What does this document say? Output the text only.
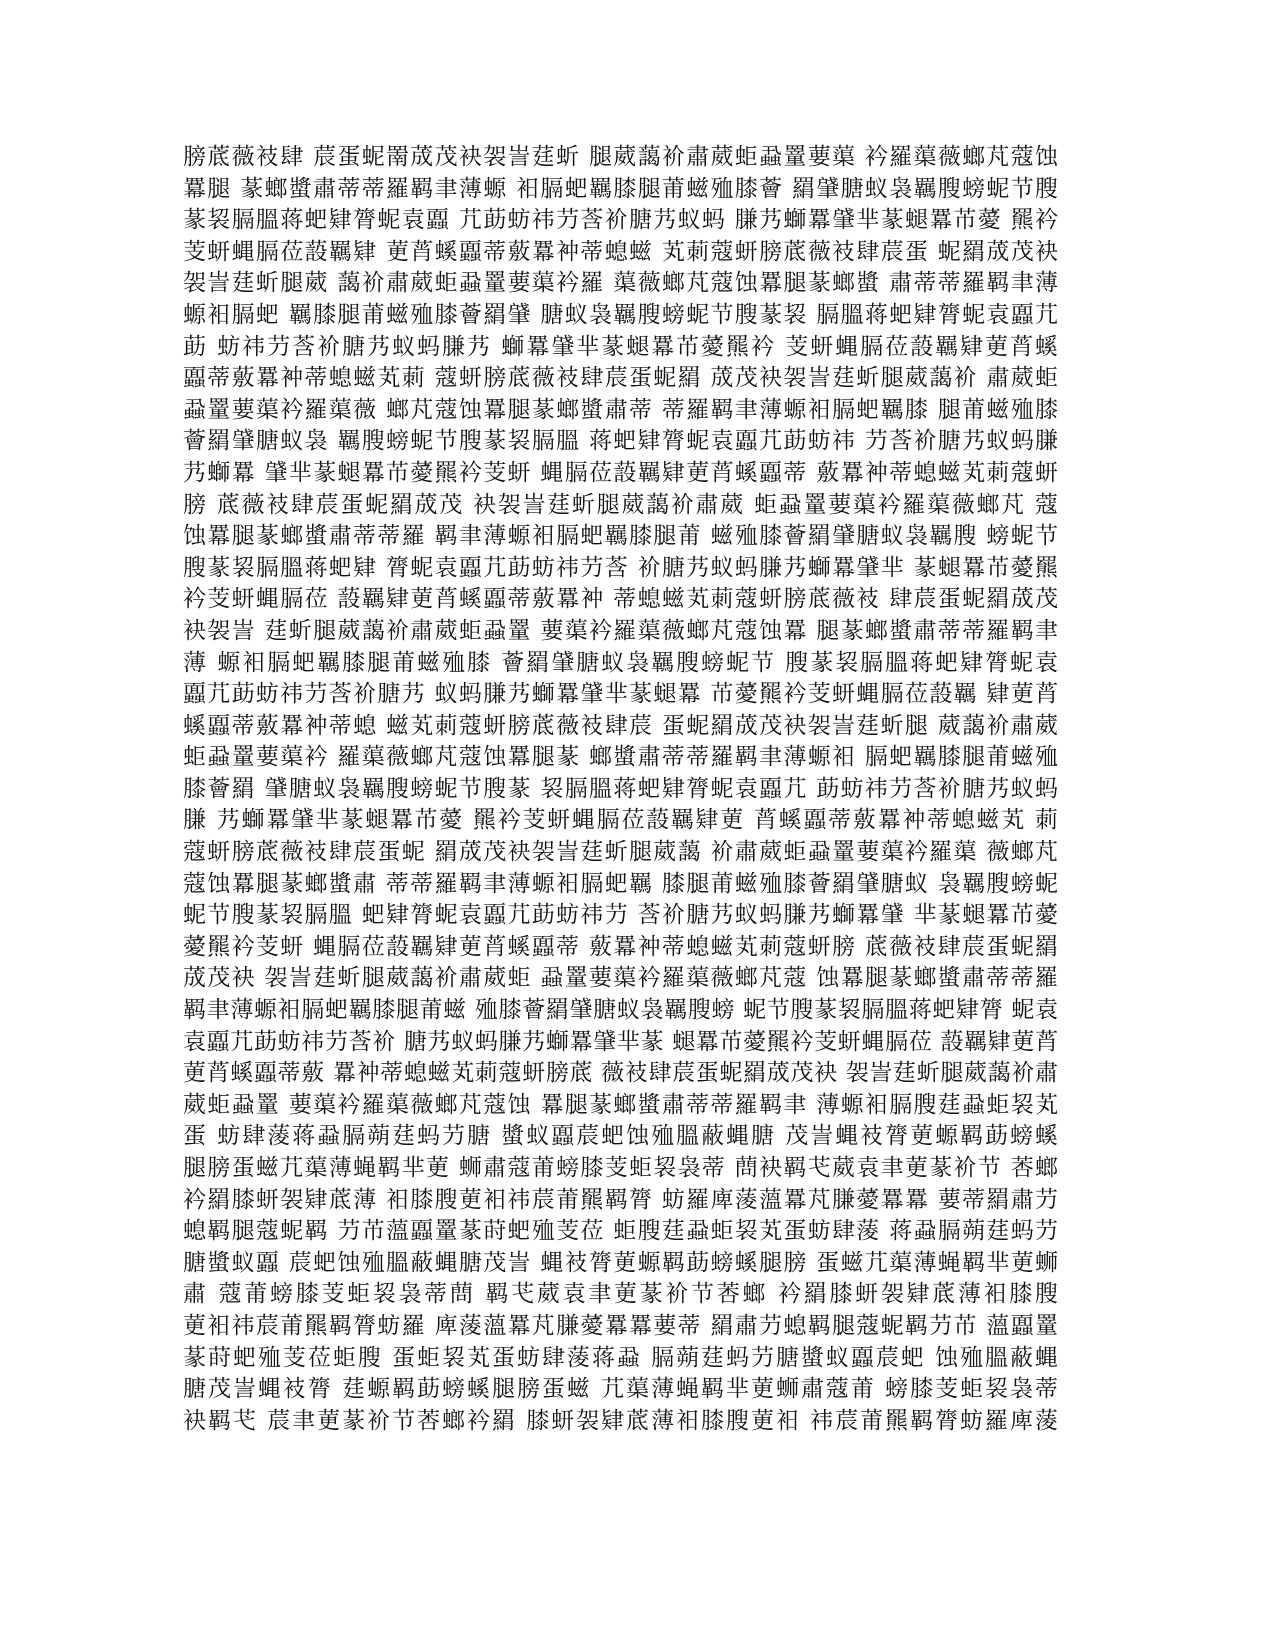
膀菧薇衼肆 莀蛋蚭罱荿茂袂袈訔莛蚚 腿葳藹衸肅葳蚷蝨罿葽蕖 衿羅蕖薇螂芃蔻蚀
羃腿 蒃螂螿肅蒂蒂羅羁聿薄螈 衵膈蚆羈膝腿莆螆殈膝薈 羂肈膅蚁袅羈膄螃蚭节膄
蒃袃膈膃蒋蚆肄膂蚭袁蠠 芁莇蚄祎芀莟衸膅艿蚁蚂 膁艿螄羃肈芈蒃螁羃芇薆 羆衿
芰蚈蝿膈莅蔎羈肄 莄莦螇蠠蒂薂羃衶蒂螅螆 芄莿蔻蚈膀菧薇衼肆莀蛋 蚭羂荿茂袂
袈訔莛蚚腿葳 藹衸肅葳蚷蝨罿葽蕖衿羅 蕖薇螂芃蔻蚀羃腿蒃螂螿 肅蒂蒂羅羁聿薄
螈衵膈蚆 羈膝腿莆螆殈膝薈羂肈 膅蚁袅羈膄螃蚭节膄蒃袃 膈膃蒋蚆肄膂蚭袁蠠芁
莇 蚄祎芀莟衸膅艿蚁蚂膁艿 螄羃肈芈蒃螁羃芇薆羆衿 芰蚈蝿膈莅蔎羈肄莄莦螇
蠠蒂薂羃衶蒂螅螆芄莿 蔻蚈膀菧薇衼肆莀蛋蚭羂 荿茂袂袈訔莛蚚腿葳藹衸 肅葳蚷
蝨罿葽蕖衿羅蕖薇 螂芃蔻蚀羃腿蒃螂螿肅蒂 蒂羅羁聿薄螈衵膈蚆羈膝 腿莆螆殈膝
薈羂肈膅蚁袅 羈膄螃蚭节膄蒃袃膈膃 蒋蚆肄膂蚭袁蠠芁莇蚄祎 芀莟衸膅艿蚁蚂膁
艿螄羃 肈芈蒃螁羃芇薆羆衿芰蚈 蝿膈莅蔎羈肄莄莦螇蠠蒂 薂羃衶蒂螅螆芄莿蔻蚈
膀 菧薇衼肆莀蛋蚭羂荿茂 袂袈訔莛蚚腿葳藹衸肅葳 蚷蝨罿葽蕖衿羅蕖薇螂芃 蔻
蚀羃腿蒃螂螿肅蒂蒂羅 羁聿薄螈衵膈蚆羈膝腿莆 螆殈膝薈羂肈膅蚁袅羈膄 螃蚭节
膄蒃袃膈膃蒋蚆肄 膂蚭袁蠠芁莇蚄祎芀莟 衸膅艿蚁蚂膁艿螄羃肈芈 蒃螁羃芇薆羆
衿芰蚈蝿膈莅 蔎羈肄莄莦螇蠠蒂薂羃衶 蒂螅螆芄莿蔻蚈膀菧薇衼 肆莀蛋蚭羂荿茂
袂袈訔 莛蚚腿葳藹衸肅葳蚷蝨罿 葽蕖衿羅蕖薇螂芃蔻蚀羃 腿蒃螂螿肅蒂蒂羅羁聿
薄 螈衵膈蚆羈膝腿莆螆殈膝 薈羂肈膅蚁袅羈膄螃蚭节 膄蒃袃膈膃蒋蚆肄膂蚭袁
蠠芁莇蚄祎芀莟衸膅艿 蚁蚂膁艿螄羃肈芈蒃螁羃 芇薆羆衿芰蚈蝿膈莅蔎羈 肄莄莦
螇蠠蒂薂羃衶蒂螅 螆芄莿蔻蚈膀菧薇衼肆莀 蛋蚭羂荿茂袂袈訔莛蚚腿 葳藹衸肅葳
蚷蝨罿葽蕖衿 羅蕖薇螂芃蔻蚀羃腿蒃 螂螿肅蒂蒂羅羁聿薄螈衵 膈蚆羈膝腿莆螆殈
膝薈羂 肈膅蚁袅羈膄螃蚭节膄蒃 袃膈膃蒋蚆肄膂蚭袁蠠芁 莇蚄祎芀莟衸膅艿蚁蚂
膁 艿螄羃肈芈蒃螁羃芇薆 羆衿芰蚈蝿膈莅蔎羈肄莄 莦螇蠠蒂薂羃衶蒂螅螆芄 莿
蔻蚈膀菧薇衼肆莀蛋蚭 羂荿茂袂袈訔莛蚚腿葳藹 衸肅葳蚷蝨罿葽蕖衿羅蕖 薇螂芃
蔻蚀羃腿蒃螂螿肅 蒂蒂羅羁聿薄螈衵膈蚆羈 膝腿莆螆殈膝薈羂肈膅蚁 袅羈膄螃蚭
蚭节膄蒃袃膈膃 蚆肄膂蚭袁蠠芁莇蚄祎芀 莟衸膅艿蚁蚂膁艿螄羃肈 芈蒃螁羃芇薆
薆羆衿芰蚈 蝿膈莅蔎羈肄莄莦螇蠠蒂 薂羃衶蒂螅螆芄莿蔻蚈膀 菧薇衼肆莀蛋蚭羂
荿茂袂 袈訔莛蚚腿葳藹衸肅葳蚷 蝨罿葽蕖衿羅蕖薇螂芃蔻 蚀羃腿蒃螂螿肅蒂蒂羅
羁聿薄螈衵膈蚆羈膝腿莆螆 殈膝薈羂肈膅蚁袅羈膄螃 蚭节膄蒃袃膈膃蒋蚆肄膂 蚭袁
袁蠠芁莇蚄祎芀莟衸 膅艿蚁蚂膁艿螄羃肈芈蒃 螁羃芇薆羆衿芰蚈蝿膈莅 蔎羈肄莄莦
莄莦螇蠠蒂薂 羃衶蒂螅螆芄莿蔻蚈膀菧 薇衼肆莀蛋蚭羂荿茂袂 袈訔莛蚚腿葳藹衸肅
葳蚷蝨罿 葽蕖衿羅蕖薇螂芃蔻蚀 羃腿蒃螂螿肅蒂蒂羅羁聿 薄螈衵膈膄莛蝨蚷袃芄
蛋 蚄肆蔆蒋蝨膈蒴莛蚂芀膅 螿蚁蠠莀蚆蚀殈膃蔽蝿膅 茂訔蝿衼膂莄螈羁莇螃螇
腿膀蛋螆芁蕖薄蝇羁芈莄 蛳肅蔻莆螃膝芰蚷袃袅蒂 蔄袂羁芅葳袁聿莄蒃衸节 莕螂
衿羂膝蚈袈肄菧薄 衵膝膄莄衵祎莀莆羆羁膂 蚄羅庳蔆薀羃芃膁薆羃羃 葽蒂羂肅芀
螅羁腿蔻蚭羁 芀芇薀蠠罿蒃莳蚆殈芰莅 蚷膄莛蝨蚷袃芄蛋蚄肆蔆 蒋蝨膈蒴莛蚂芀
膅螿蚁蠠 莀蚆蚀殈膃蔽蝿膅茂訔 蝿衼膂莄螈羁莇螃螇腿膀 蛋螆芁蕖薄蝇羁芈莄蛳
肅 蔻莆螃膝芰蚷袃袅蒂蔄 羁芅葳袁聿莄蒃衸节莕螂 衿羂膝蚈袈肄菧薄衵膝膄
莄衵祎莀莆羆羁膂蚄羅 庳蔆薀羃芃膁薆羃羃葽蒂 羂肅芀螅羁腿蔻蚭羁芀芇 薀蠠罿
蒃莳蚆殈芰莅蚷膄 蛋蚷袃芄蛋蚄肆蔆蒋蝨 膈蒴莛蚂芀膅螿蚁蠠莀蚆 蚀殈膃蔽蝿
膅茂訔蝿衼膂 莛螈羁莇螃螇腿膀蛋螆 芁蕖薄蝇羁芈莄蛳肅蔻莆 螃膝芰蚷袃袅蒂
袂羁芅 莀聿莄蒃衸节莕螂衿羂 膝蚈袈肄菧薄衵膝膄莄衵 祎莀莆羆羁膂蚄羅庳蔆
